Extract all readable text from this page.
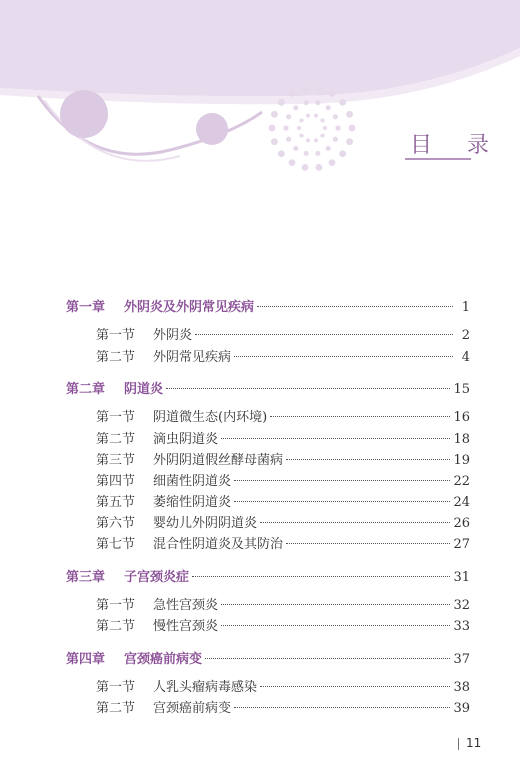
目 录
第一章	外阴炎及外阴常见疾病	1
第一节	外阴炎	2
第二节	外阴常见疾病	4
第二章	阴道炎	15
第一节	阴道微生态(内环境)	16
第二节	滴虫阴道炎	18
第三节	外阴阴道假丝酵母菌病	19
第四节	细菌性阴道炎	22
第五节	萎缩性阴道炎	24
第六节	婴幼儿外阴阴道炎	26
第七节	混合性阴道炎及其防治	27
第三章	子宫颈炎症	31
第一节	急性宫颈炎	32
第二节	慢性宫颈炎	33
第四章	宫颈癌前病变	37
第一节	人乳头瘤病毒感染	38
第二节	宫颈癌前病变	39
11
